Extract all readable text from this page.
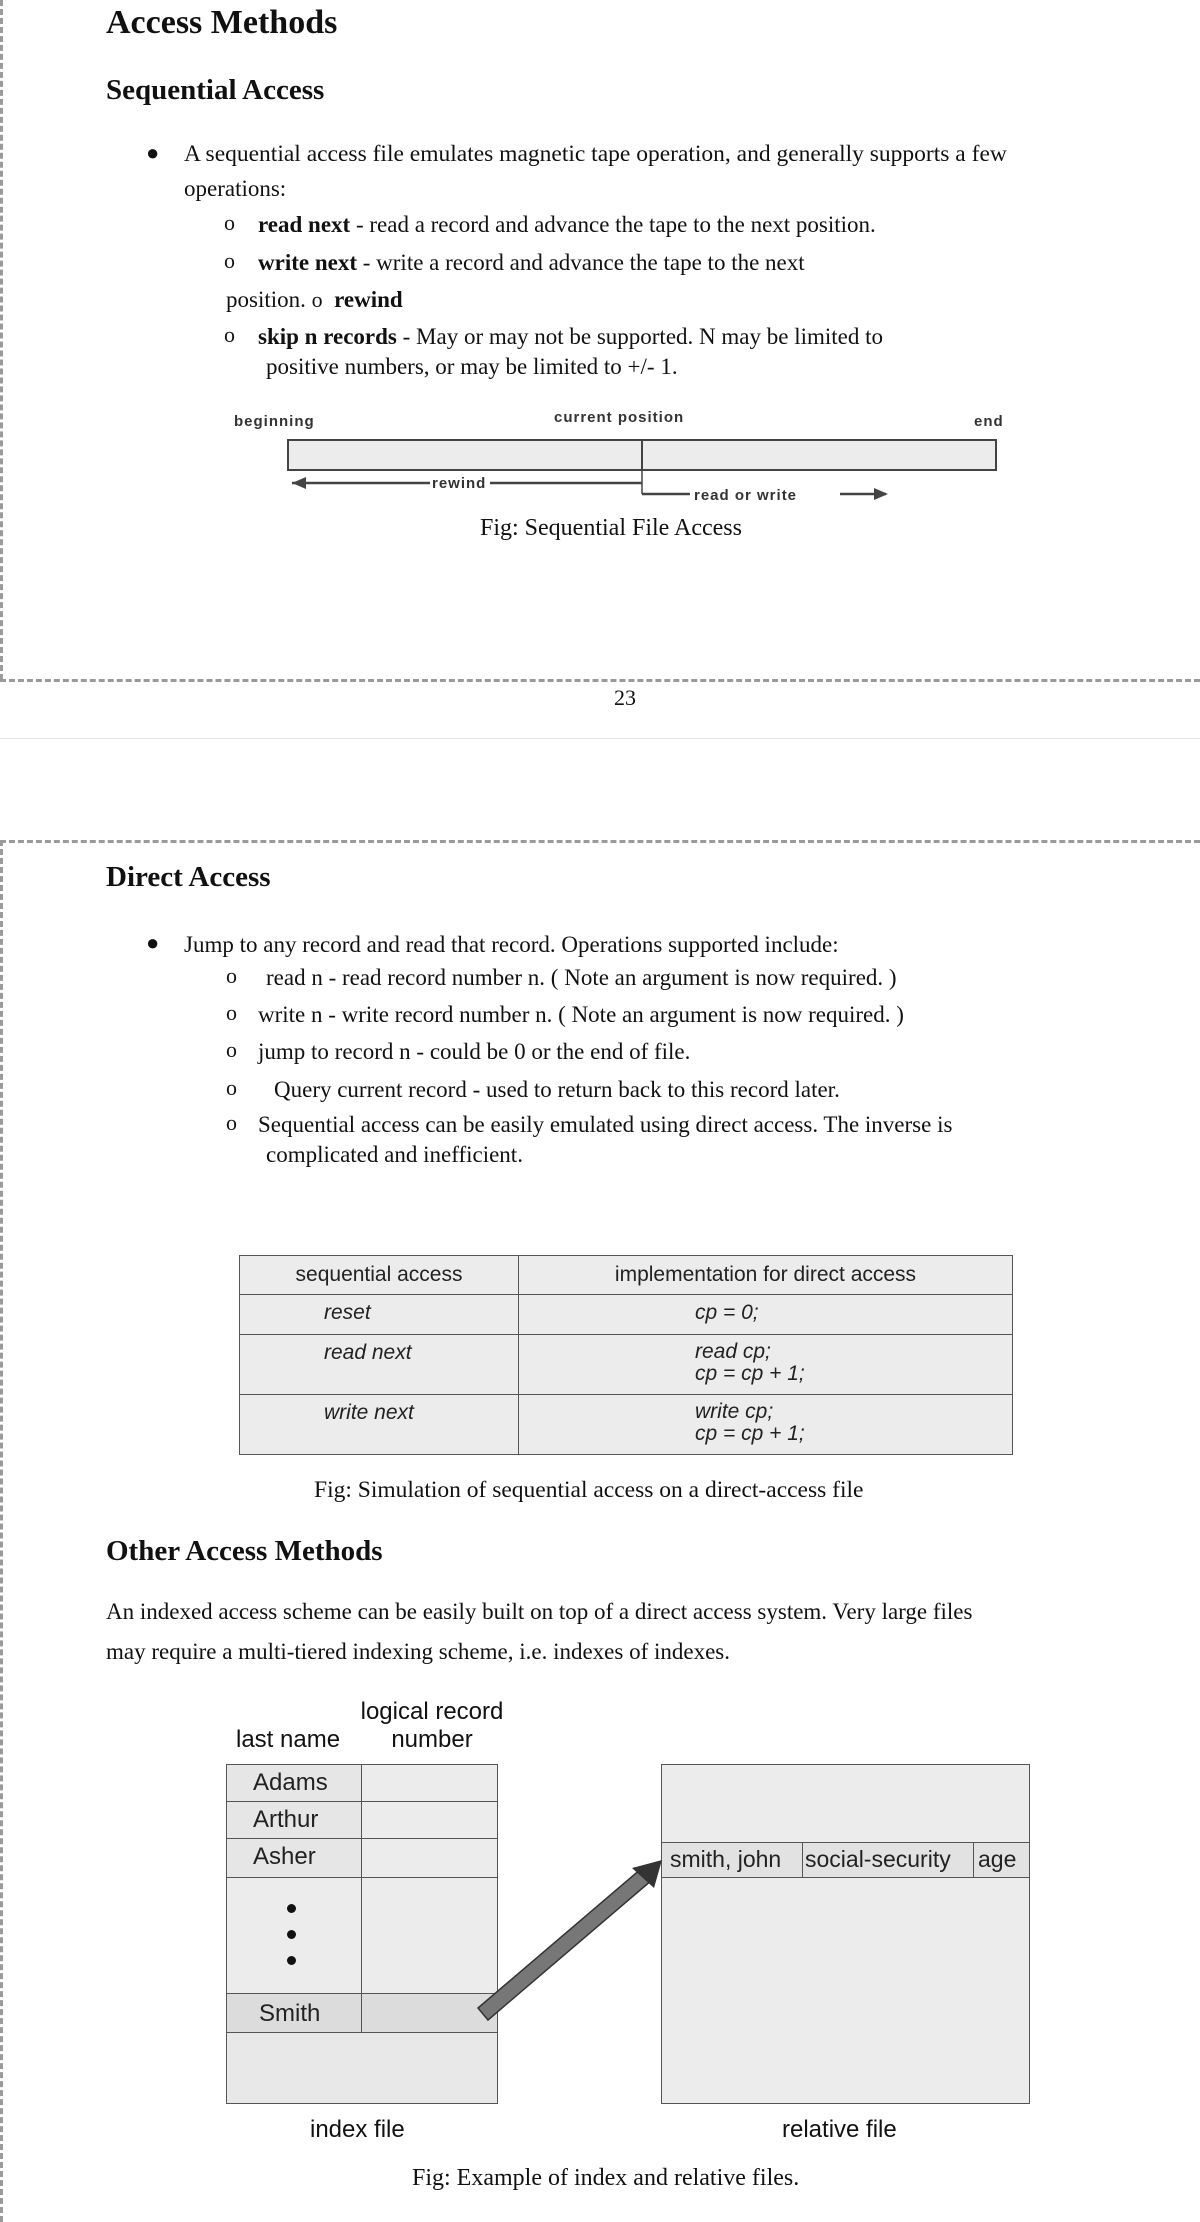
Access Methods
Sequential Access
● A sequential access file emulates magnetic tape operation, and generally supports a few
operations:
o read next - read a record and advance the tape to the next position.
o write next - write a record and advance the tape to the next
position. o rewind
o skip n records - May or may not be supported. N may be limited to
positive numbers, or may be limited to +/- 1.
beginning	current position	end
rewind
read or write
Fig: Sequential File Access
23
Direct Access
● Jump to any record and read that record. Operations supported include:
o read n - read record number n. ( Note an argument is now required. )
o write n - write record number n. ( Note an argument is now required. )
o jump to record n - could be 0 or the end of file.
o Query current record - used to return back to this record later.
o Sequential access can be easily emulated using direct access. The inverse is
complicated and inefficient.
sequential access	implementation for direct access
reset	cp = 0;

read next	read cp;
cp = cp + 1;

write next	write cp;
cp = cp + 1;
Fig: Simulation of sequential access on a direct-access file
Other Access Methods
An indexed access scheme can be easily built on top of a direct access system. Very large files
may require a multi-tiered indexing scheme, i.e. indexes of indexes.
logical record
number
last name
Adams
Arthur
Asher
Smith
smith, john	social-security	age
index file	relative file
Fig: Example of index and relative files.
